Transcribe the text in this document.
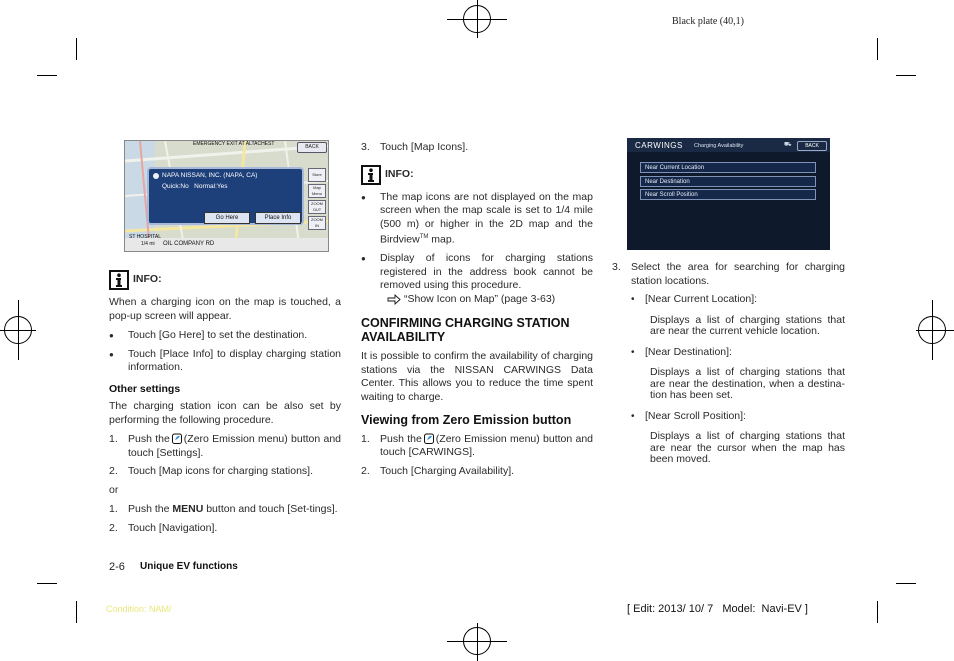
Black plate (40,1)
EMERGENCY EXIT AT ALTACHEST
ST HOSPITAL
OIL COMPANY RD
1/4 mi
BACK
Store
Map Menu
ZOOM OUT
ZOOM IN
NAPA NISSAN, INC. (NAPA, CA)
Quick:No   Normal:Yes
Go Here	Place Info
INFO:

When a charging icon on the map is touched, a pop-up screen will appear.

●	Touch [Go Here] to set the destination.
●	Touch [Place Info] to display charging station information.
Other settings

The charging station icon can be also set by performing the following procedure.

1. Push the (Zero Emission menu) button and touch [Settings].
2. Touch [Map icons for charging stations].

or

1. Push the MENU button and touch [Set-tings].
2. Touch [Navigation].
3. Touch [Map Icons].
INFO:
●	The map icons are not displayed on the map screen when the map scale is set to 1/4 mile (500 m) or higher in the 2D map and the Birdview™ map.
●	Display of icons for charging stations registered in the address book cannot be removed using this procedure.
“Show Icon on Map” (page 3-63)
CONFIRMING CHARGING STATION AVAILABILITY

It is possible to confirm the availability of charging stations via the NISSAN CARWINGS Data Center. This allows you to reduce the time spent waiting to charge.

Viewing from Zero Emission button
1. Push the (Zero Emission menu) button and touch [CARWINGS].
2. Touch [Charging Availability].
CARWINGS Charging Availability	⛟	BACK
Near Current Location
Near Destination
Near Scroll Position
3. Select the area for searching for charging station locations.
• [Near Current Location]:
Displays a list of charging stations that are near the current vehicle location.
• [Near Destination]:
Displays a list of charging stations that are near the destination, when a destina-tion has been set.
• [Near Scroll Position]:
Displays a list of charging stations that are near the cursor when the map has been moved.
2-6 Unique EV functions
Condition: NAM/	[ Edit: 2013/ 10/ 7   Model:  Navi-EV ]
